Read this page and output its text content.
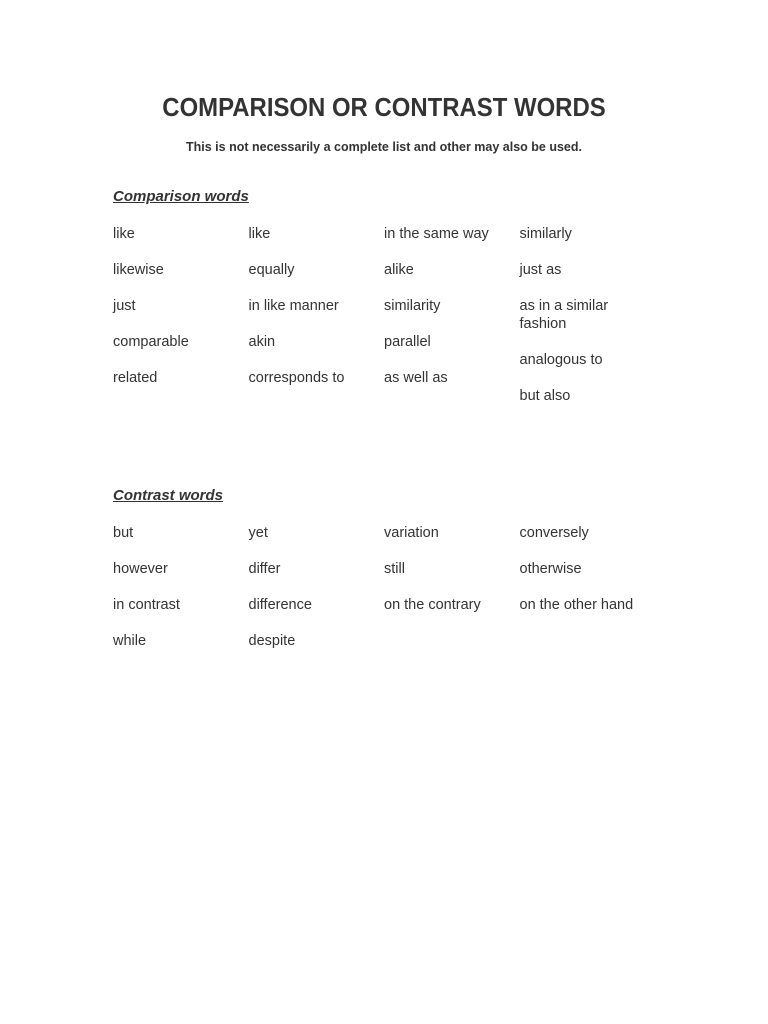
COMPARISON OR CONTRAST WORDS

This is not necessarily a complete list and other may also be used.

Comparison words
like
likewise
just
comparable
related
like
equally
in like manner
akin
corresponds to
in the same way
alike
similarity
parallel
as well as
similarly
just as
as in a similar fashion
analogous to
but also
Contrast words
but
however
in contrast
while
yet
differ
difference
despite
variation
still
on the contrary
conversely
otherwise
on the other hand
